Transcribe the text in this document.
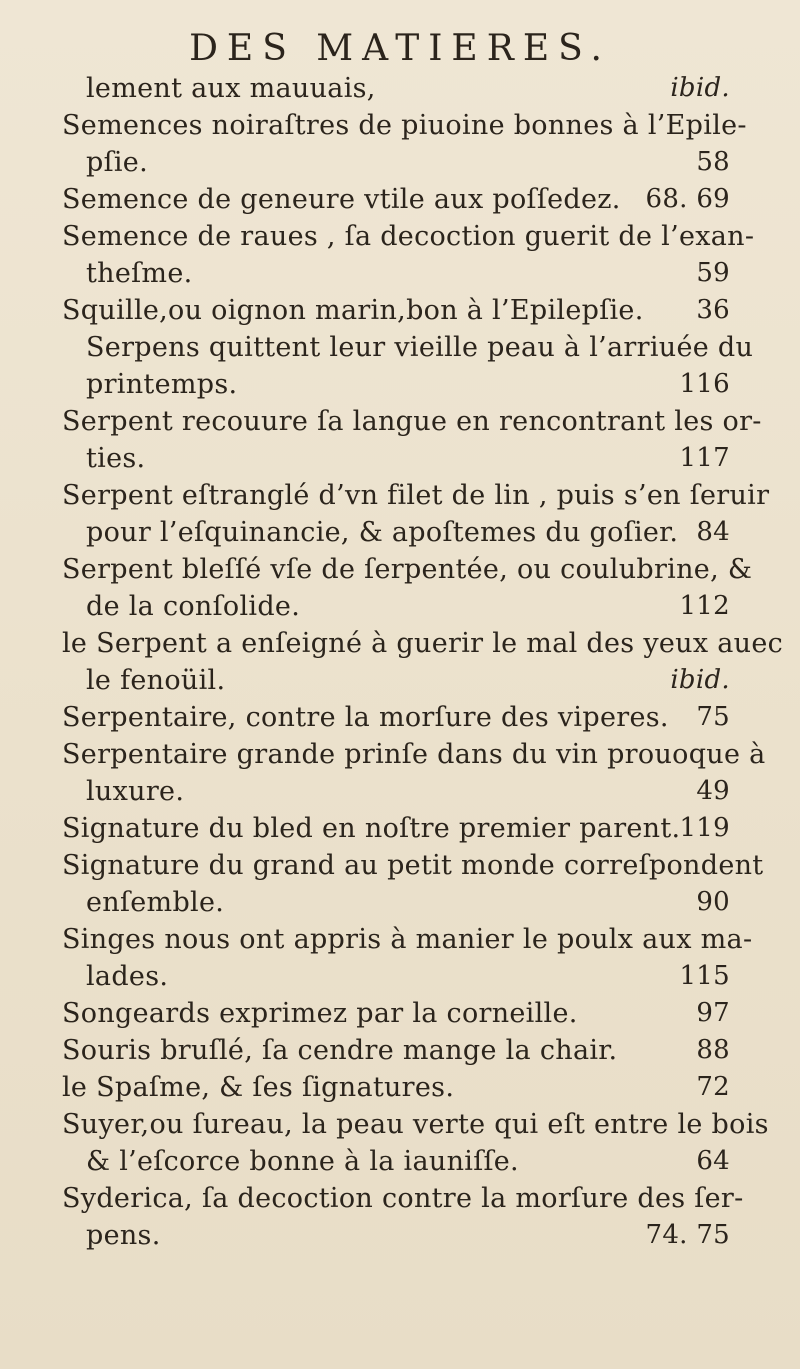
DES MATIERES.
lement aux mauuais,	ibid.
Semences noiraſtres de piuoine bonnes à l’Epile-
pſie.	58
Semence de geneure vtile aux poſſedez. 68. 69
Semence de raues , ſa decoction guerit de l’exan-
theſme.	59
Squille,ou oignon marin,bon à l’Epilepſie. 36
Serpens quittent leur vieille peau à l’arriuée du
printemps.	116
Serpent recouure ſa langue en rencontrant les or-
ties.	117
Serpent eſtranglé d’vn filet de lin , puis s’en ſeruir
pour l’eſquinancie, & apoſtemes du goſier. 84
Serpent bleſſé vſe de ſerpentée, ou coulubrine, &
de la conſolide.	112
le Serpent a enſeigné à guerir le mal des yeux auec
le fenoüil.	ibid.
Serpentaire, contre la morſure des viperes. 75
Serpentaire grande prinſe dans du vin prouoque à
luxure.	49
Signature du bled en noſtre premier parent. 119
Signature du grand au petit monde correſpondent
enſemble.	90
Singes nous ont appris à manier le poulx aux ma-
lades.	115
Songeards exprimez par la corneille.	97
Souris bruſlé, ſa cendre mange la chair.	88
le Spaſme, & ſes ſignatures.	72
Suyer,ou ſureau, la peau verte qui eſt entre le bois
& l’eſcorce bonne à la iauniſſe.	64
Syderica, ſa decoction contre la morſure des ſer-
pens.	74. 75
